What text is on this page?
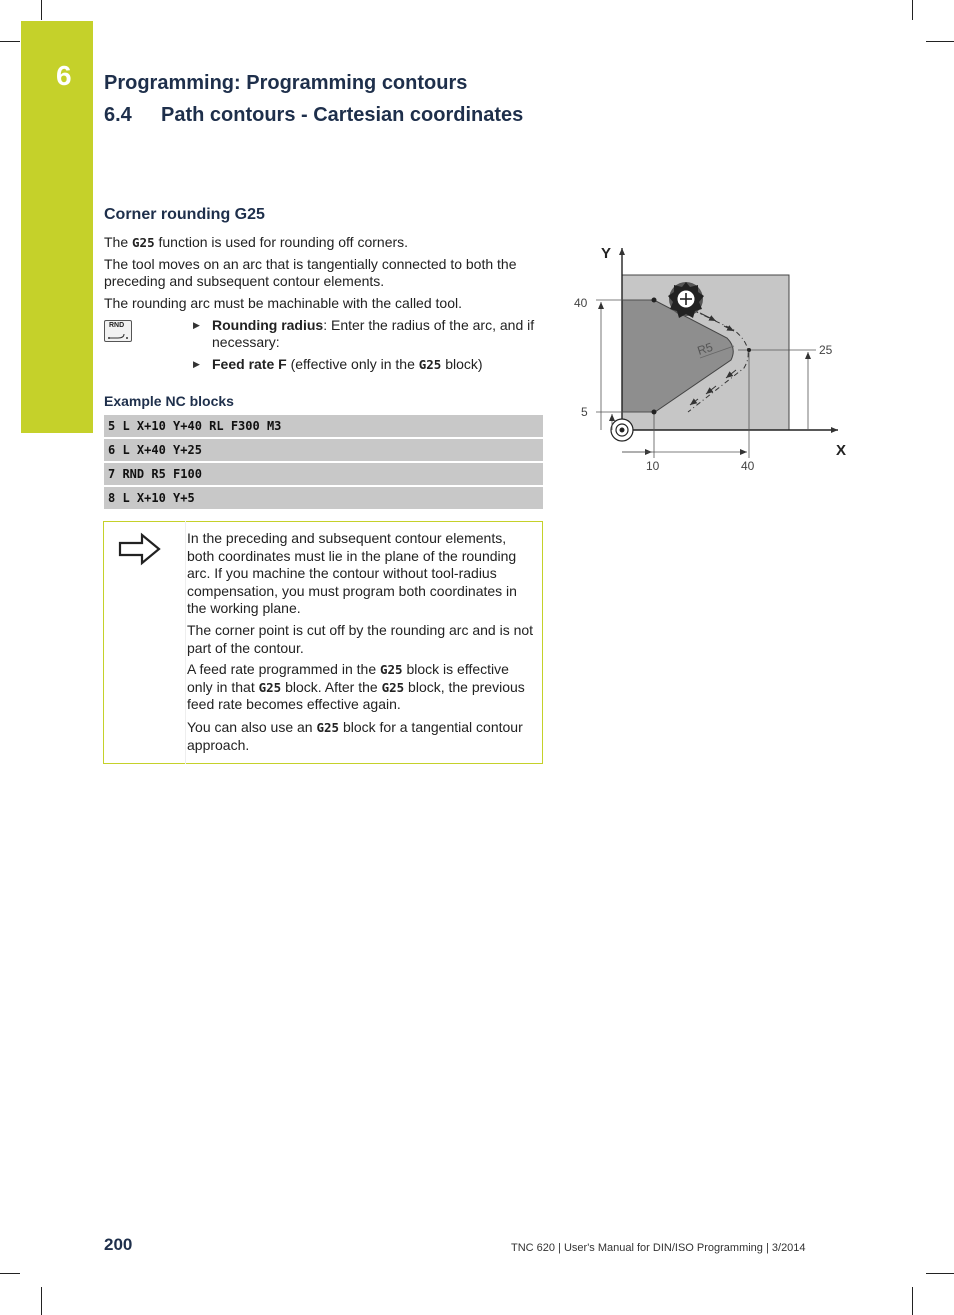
6 Programming: Programming contours
6.4 Path contours - Cartesian coordinates
Corner rounding G25
The G25 function is used for rounding off corners.
The tool moves on an arc that is tangentially connected to both the preceding and subsequent contour elements.
The rounding arc must be machinable with the called tool.
RND	▶ Rounding radius: Enter the radius of the arc, and if necessary:
▶ Feed rate F (effective only in the G25 block)
Example NC blocks
5 L X+10 Y+40 RL F300 M3
6 L X+40 Y+25
7 RND R5 F100
8 L X+10 Y+5
In the preceding and subsequent contour elements, both coordinates must lie in the plane of the rounding arc. If you machine the contour without tool-radius compensation, you must program both coordinates in the working plane.
The corner point is cut off by the rounding arc and is not part of the contour.
A feed rate programmed in the G25 block is effective only in that G25 block. After the G25 block, the previous feed rate becomes effective again.
You can also use an G25 block for a tangential contour approach.
Y
X
40
5
10	40
25
R5
200	TNC 620 | User's Manual for DIN/ISO Programming | 3/2014
